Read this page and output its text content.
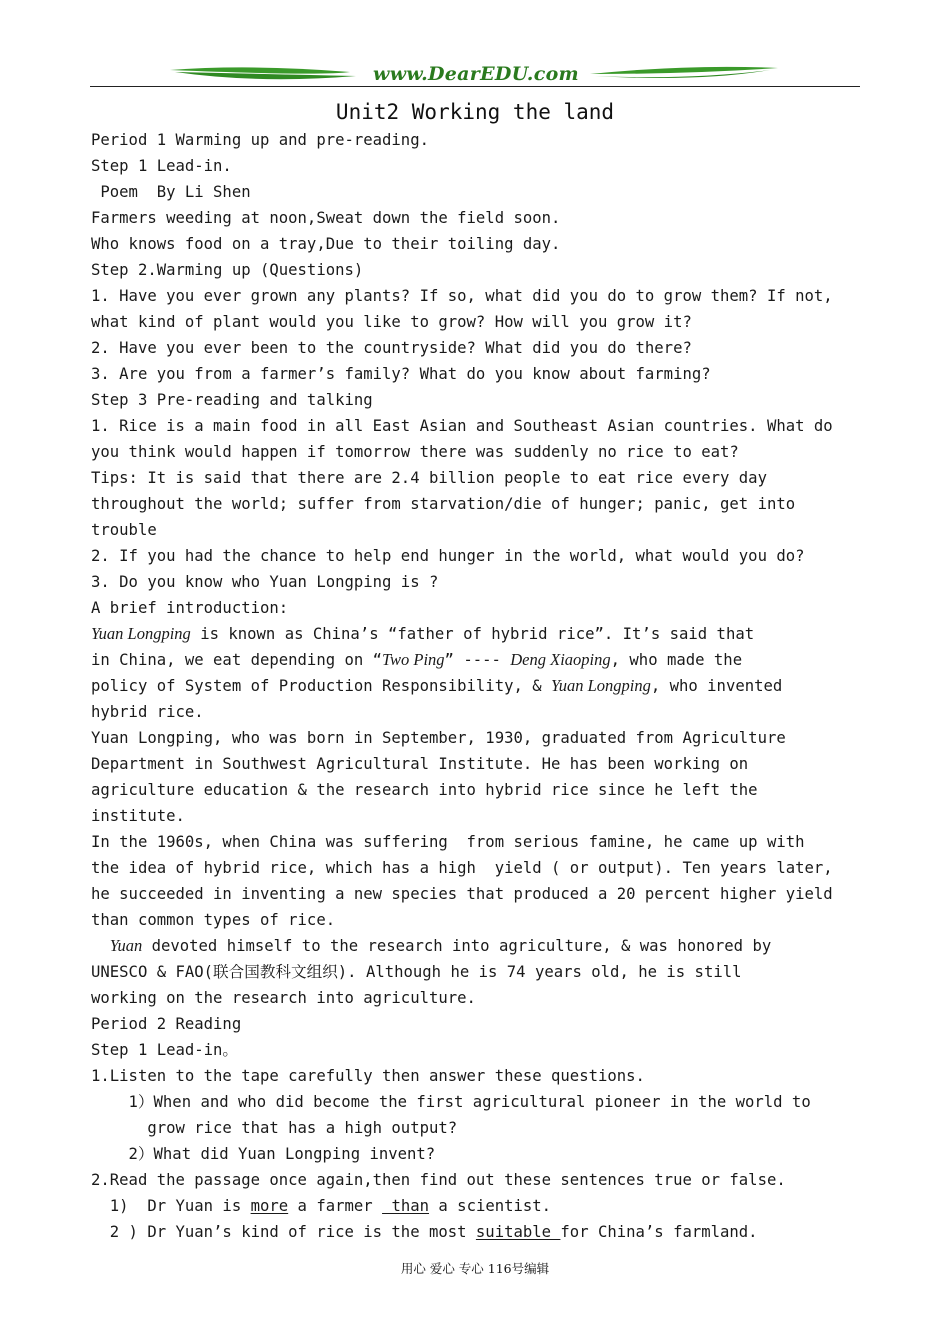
www.DearEDU.com
Unit2 Working the land
Period 1 Warming up and pre-reading.
Step 1 Lead-in.
Poem  By Li Shen
Farmers weeding at noon,Sweat down the field soon.
Who knows food on a tray,Due to their toiling day.
Step 2.Warming up (Questions)
1. Have you ever grown any plants? If so, what did you do to grow them? If not,
what kind of plant would you like to grow? How will you grow it?
2. Have you ever been to the countryside? What did you do there?
3. Are you from a farmer’s family? What do you know about farming?
Step 3 Pre-reading and talking
1. Rice is a main food in all East Asian and Southeast Asian countries. What do
you think would happen if tomorrow there was suddenly no rice to eat?
Tips: It is said that there are 2.4 billion people to eat rice every day
throughout the world; suffer from starvation/die of hunger; panic, get into
trouble
2. If you had the chance to help end hunger in the world, what would you do?
3. Do you know who Yuan Longping is ?
A brief introduction:
Yuan Longping is known as China’s “father of hybrid rice”. It’s said that
in China, we eat depending on “Two Ping” ---- Deng Xiaoping, who made the
policy of System of Production Responsibility, & Yuan Longping, who invented
hybrid rice.
Yuan Longping, who was born in September, 1930, graduated from Agriculture
Department in Southwest Agricultural Institute. He has been working on
agriculture education & the research into hybrid rice since he left the
institute.
In the 1960s, when China was suffering  from serious famine, he came up with
the idea of hybrid rice, which has a high  yield ( or output). Ten years later,
he succeeded in inventing a new species that produced a 20 percent higher yield
than common types of rice.
Yuan devoted himself to the research into agriculture, & was honored by
UNESCO & FAO(联合国教科文组织). Although he is 74 years old, he is still
working on the research into agriculture.
Period 2 Reading
Step 1 Lead-in。
1.Listen to the tape carefully then answer these questions.
1）When and who did become the first agricultural pioneer in the world to
grow rice that has a high output?
2）What did Yuan Longping invent?
2.Read the passage once again,then find out these sentences true or false.
1)  Dr Yuan is more a farmer  than a scientist.
2 ) Dr Yuan’s kind of rice is the most suitable for China’s farmland.
用心 爱心 专心 116号编辑
